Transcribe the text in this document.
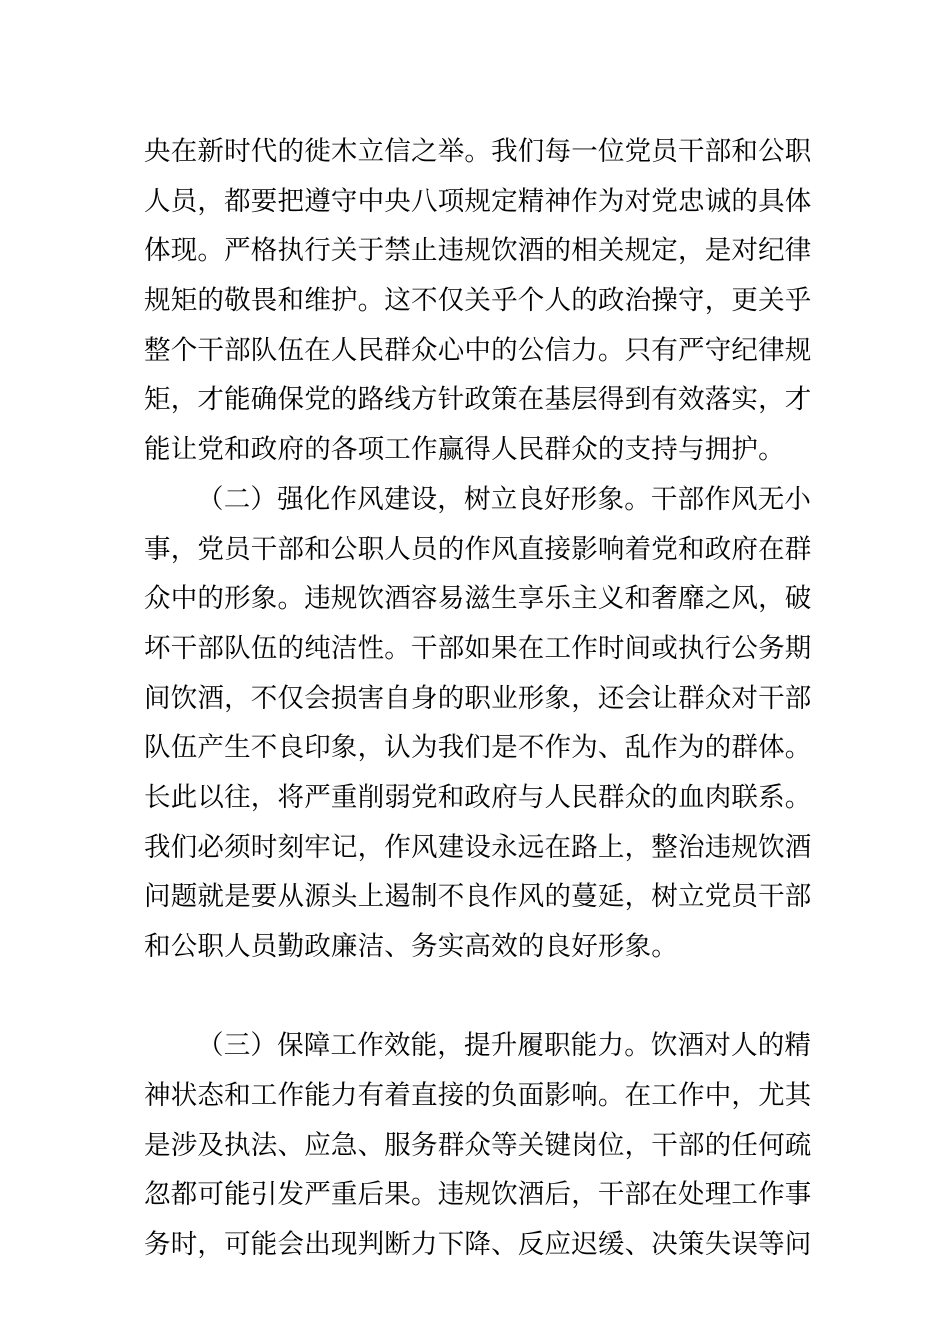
央在新时代的徙木立信之举。我们每一位党员干部和公职
人员，都要把遵守中央八项规定精神作为对党忠诚的具体
体现。严格执行关于禁止违规饮酒的相关规定，是对纪律
规矩的敬畏和维护。这不仅关乎个人的政治操守，更关乎
整个干部队伍在人民群众心中的公信力。只有严守纪律规
矩，才能确保党的路线方针政策在基层得到有效落实，才
能让党和政府的各项工作赢得人民群众的支持与拥护。
（二）强化作风建设，树立良好形象。干部作风无小
事，党员干部和公职人员的作风直接影响着党和政府在群
众中的形象。违规饮酒容易滋生享乐主义和奢靡之风，破
坏干部队伍的纯洁性。干部如果在工作时间或执行公务期
间饮酒，不仅会损害自身的职业形象，还会让群众对干部
队伍产生不良印象，认为我们是不作为、乱作为的群体。
长此以往，将严重削弱党和政府与人民群众的血肉联系。
我们必须时刻牢记，作风建设永远在路上，整治违规饮酒
问题就是要从源头上遏制不良作风的蔓延，树立党员干部
和公职人员勤政廉洁、务实高效的良好形象。
（三）保障工作效能，提升履职能力。饮酒对人的精
神状态和工作能力有着直接的负面影响。在工作中，尤其
是涉及执法、应急、服务群众等关键岗位，干部的任何疏
忽都可能引发严重后果。违规饮酒后，干部在处理工作事
务时，可能会出现判断力下降、反应迟缓、决策失误等问
